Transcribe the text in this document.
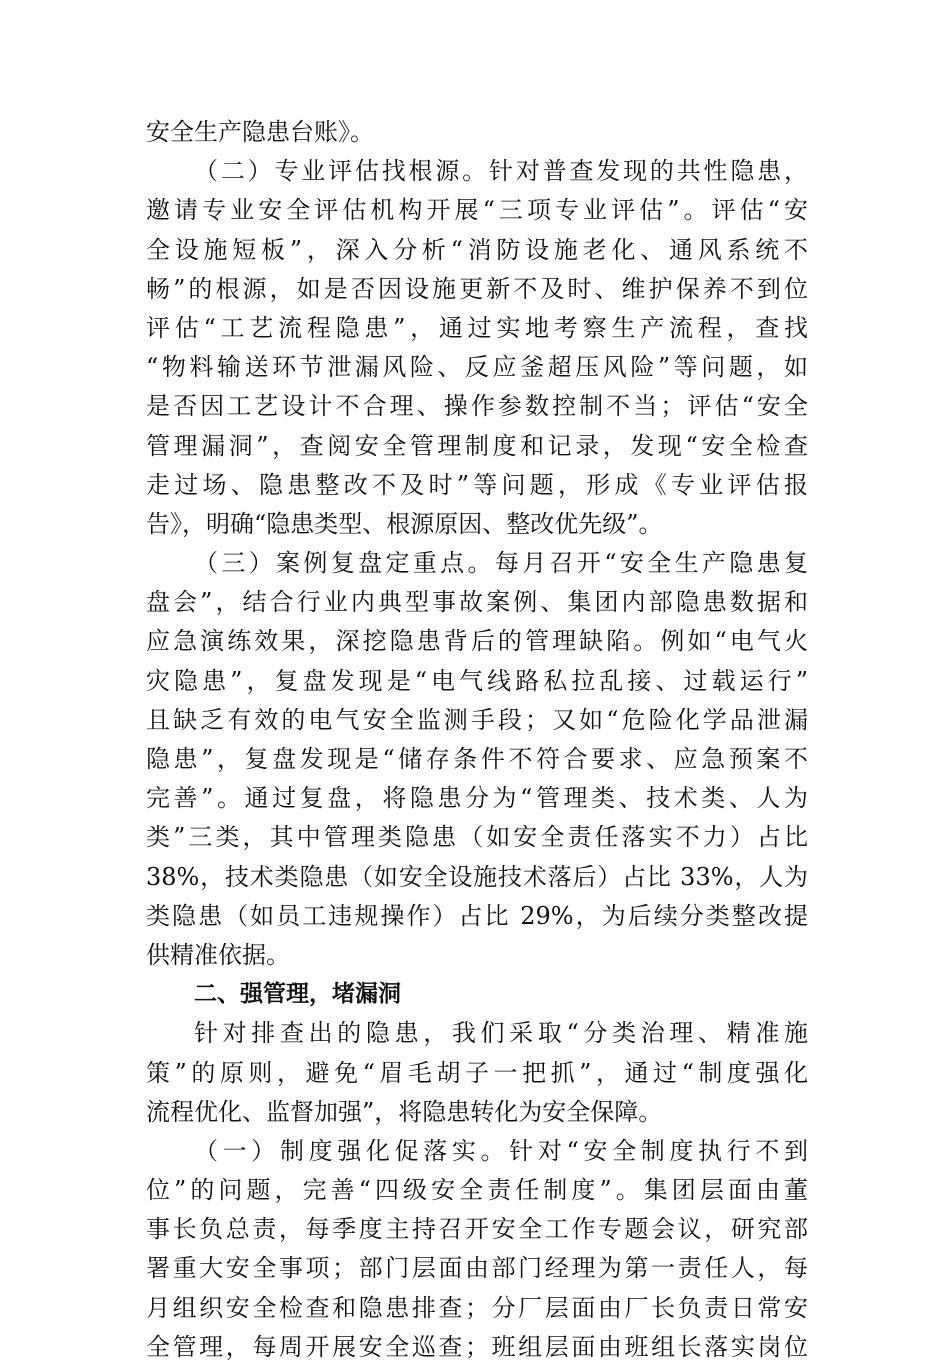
安全生产隐患台账》。
（二）专业评估找根源。针对普查发现的共性隐患，
邀请专业安全评估机构开展“三项专业评估”。评估“安
全设施短板”，深入分析“消防设施老化、通风系统不
畅”的根源，如是否因设施更新不及时、维护保养不到位
评估“工艺流程隐患”，通过实地考察生产流程，查找
“物料输送环节泄漏风险、反应釜超压风险”等问题，如
是否因工艺设计不合理、操作参数控制不当；评估“安全
管理漏洞”，查阅安全管理制度和记录，发现“安全检查
走过场、隐患整改不及时”等问题，形成《专业评估报
告》，明确“隐患类型、根源原因、整改优先级”。
（三）案例复盘定重点。每月召开“安全生产隐患复
盘会”，结合行业内典型事故案例、集团内部隐患数据和
应急演练效果，深挖隐患背后的管理缺陷。例如“电气火
灾隐患”，复盘发现是“电气线路私拉乱接、过载运行”
且缺乏有效的电气安全监测手段；又如“危险化学品泄漏
隐患”，复盘发现是“储存条件不符合要求、应急预案不
完善”。通过复盘，将隐患分为“管理类、技术类、人为
类”三类，其中管理类隐患（如安全责任落实不力）占比
38%，技术类隐患（如安全设施技术落后）占比 33%，人为
类隐患（如员工违规操作）占比 29%，为后续分类整改提
供精准依据。
二、强管理，堵漏洞
针对排查出的隐患，我们采取“分类治理、精准施
策”的原则，避免“眉毛胡子一把抓”，通过“制度强化
流程优化、监督加强”，将隐患转化为安全保障。
（一）制度强化促落实。针对“安全制度执行不到
位”的问题，完善“四级安全责任制度”。集团层面由董
事长负总责，每季度主持召开安全工作专题会议，研究部
署重大安全事项；部门层面由部门经理为第一责任人，每
月组织安全检查和隐患排查；分厂层面由厂长负责日常安
全管理，每周开展安全巡查；班组层面由班组长落实岗位
